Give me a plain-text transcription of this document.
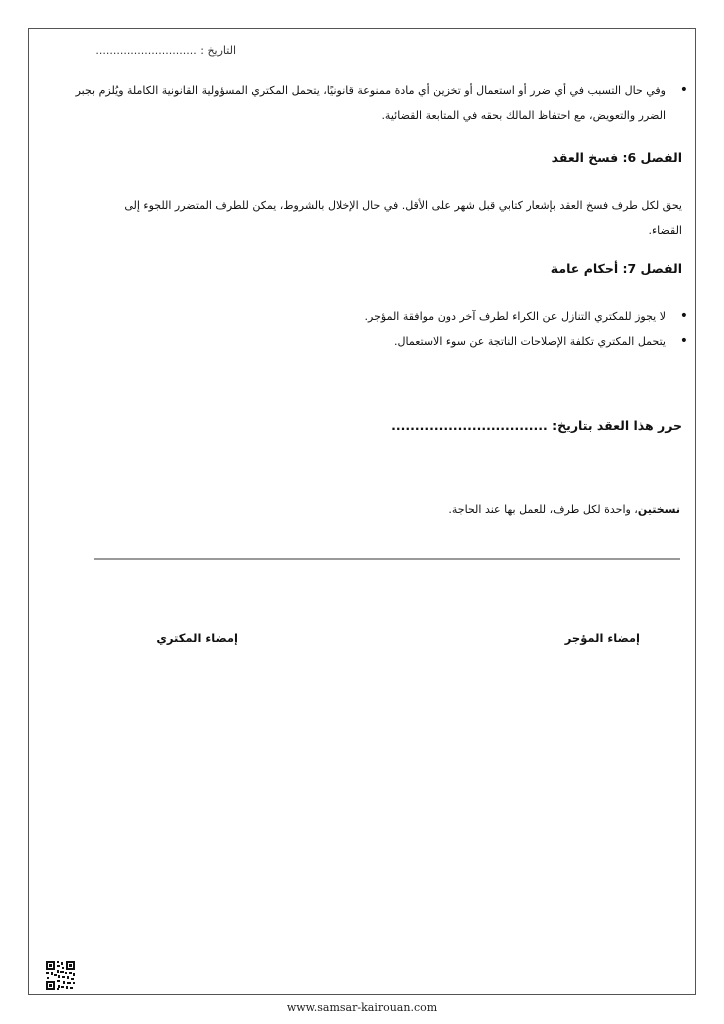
التاريخ : .............................
• وفي حال التسبب في أي ضرر أو استعمال أو تخزين أي مادة ممنوعة قانونيًا، يتحمل المكتري المسؤولية القانونية الكاملة ويُلزم بجبر الضرر والتعويض، مع احتفاظ المالك بحقه في المتابعة القضائية.
الفصل 6: فسخ العقد
يحق لكل طرف فسخ العقد بإشعار كتابي قبل شهر على الأقل. في حال الإخلال بالشروط، يمكن للطرف المتضرر اللجوء إلى القضاء.
الفصل 7: أحكام عامة
• لا يجوز للمكتري التنازل عن الكراء لطرف آخر دون موافقة المؤجر.
• يتحمل المكتري تكلفة الإصلاحات الناتجة عن سوء الاستعمال.
حرر هذا العقد بتاريخ: .................................
نسختين، واحدة لكل طرف، للعمل بها عند الحاجة.
إمضاء المؤجر
إمضاء المكتري
www.samsar-kairouan.com
